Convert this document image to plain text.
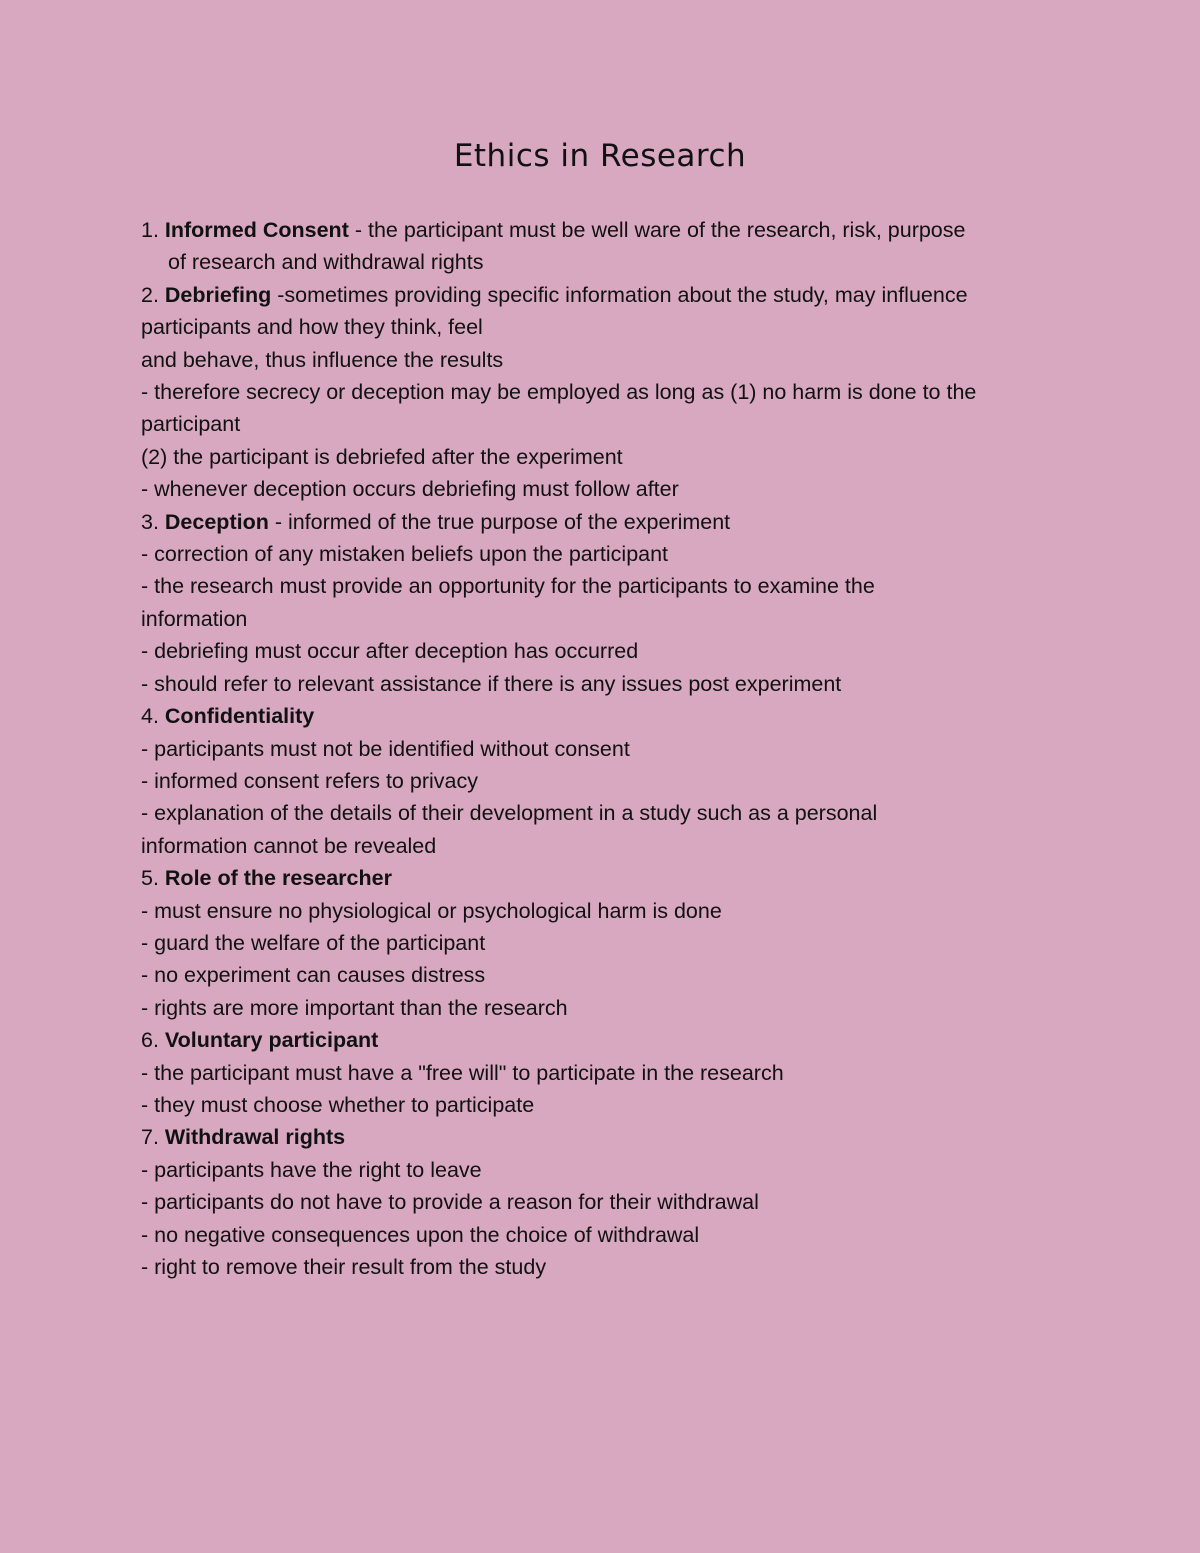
Ethics in Research
1. Informed Consent - the participant must be well ware of the research, risk, purpose
of research and withdrawal rights
2. Debriefing -sometimes providing specific information about the study, may influence
participants and how they think, feel
and behave, thus influence the results
- therefore secrecy or deception may be employed as long as (1) no harm is done to the
participant
(2) the participant is debriefed after the experiment
- whenever deception occurs debriefing must follow after
3. Deception - informed of the true purpose of the experiment
- correction of any mistaken beliefs upon the participant
- the research must provide an opportunity for the participants to examine the
information
- debriefing must occur after deception has occurred
- should refer to relevant assistance if there is any issues post experiment
4. Confidentiality
- participants must not be identified without consent
- informed consent refers to privacy
- explanation of the details of their development in a study such as a personal
information cannot be revealed
5. Role of the researcher
- must ensure no physiological or psychological harm is done
- guard the welfare of the participant
- no experiment can causes distress
- rights are more important than the research
6. Voluntary participant
- the participant must have a "free will" to participate in the research
- they must choose whether to participate
7. Withdrawal rights
- participants have the right to leave
- participants do not have to provide a reason for their withdrawal
- no negative consequences upon the choice of withdrawal
- right to remove their result from the study
